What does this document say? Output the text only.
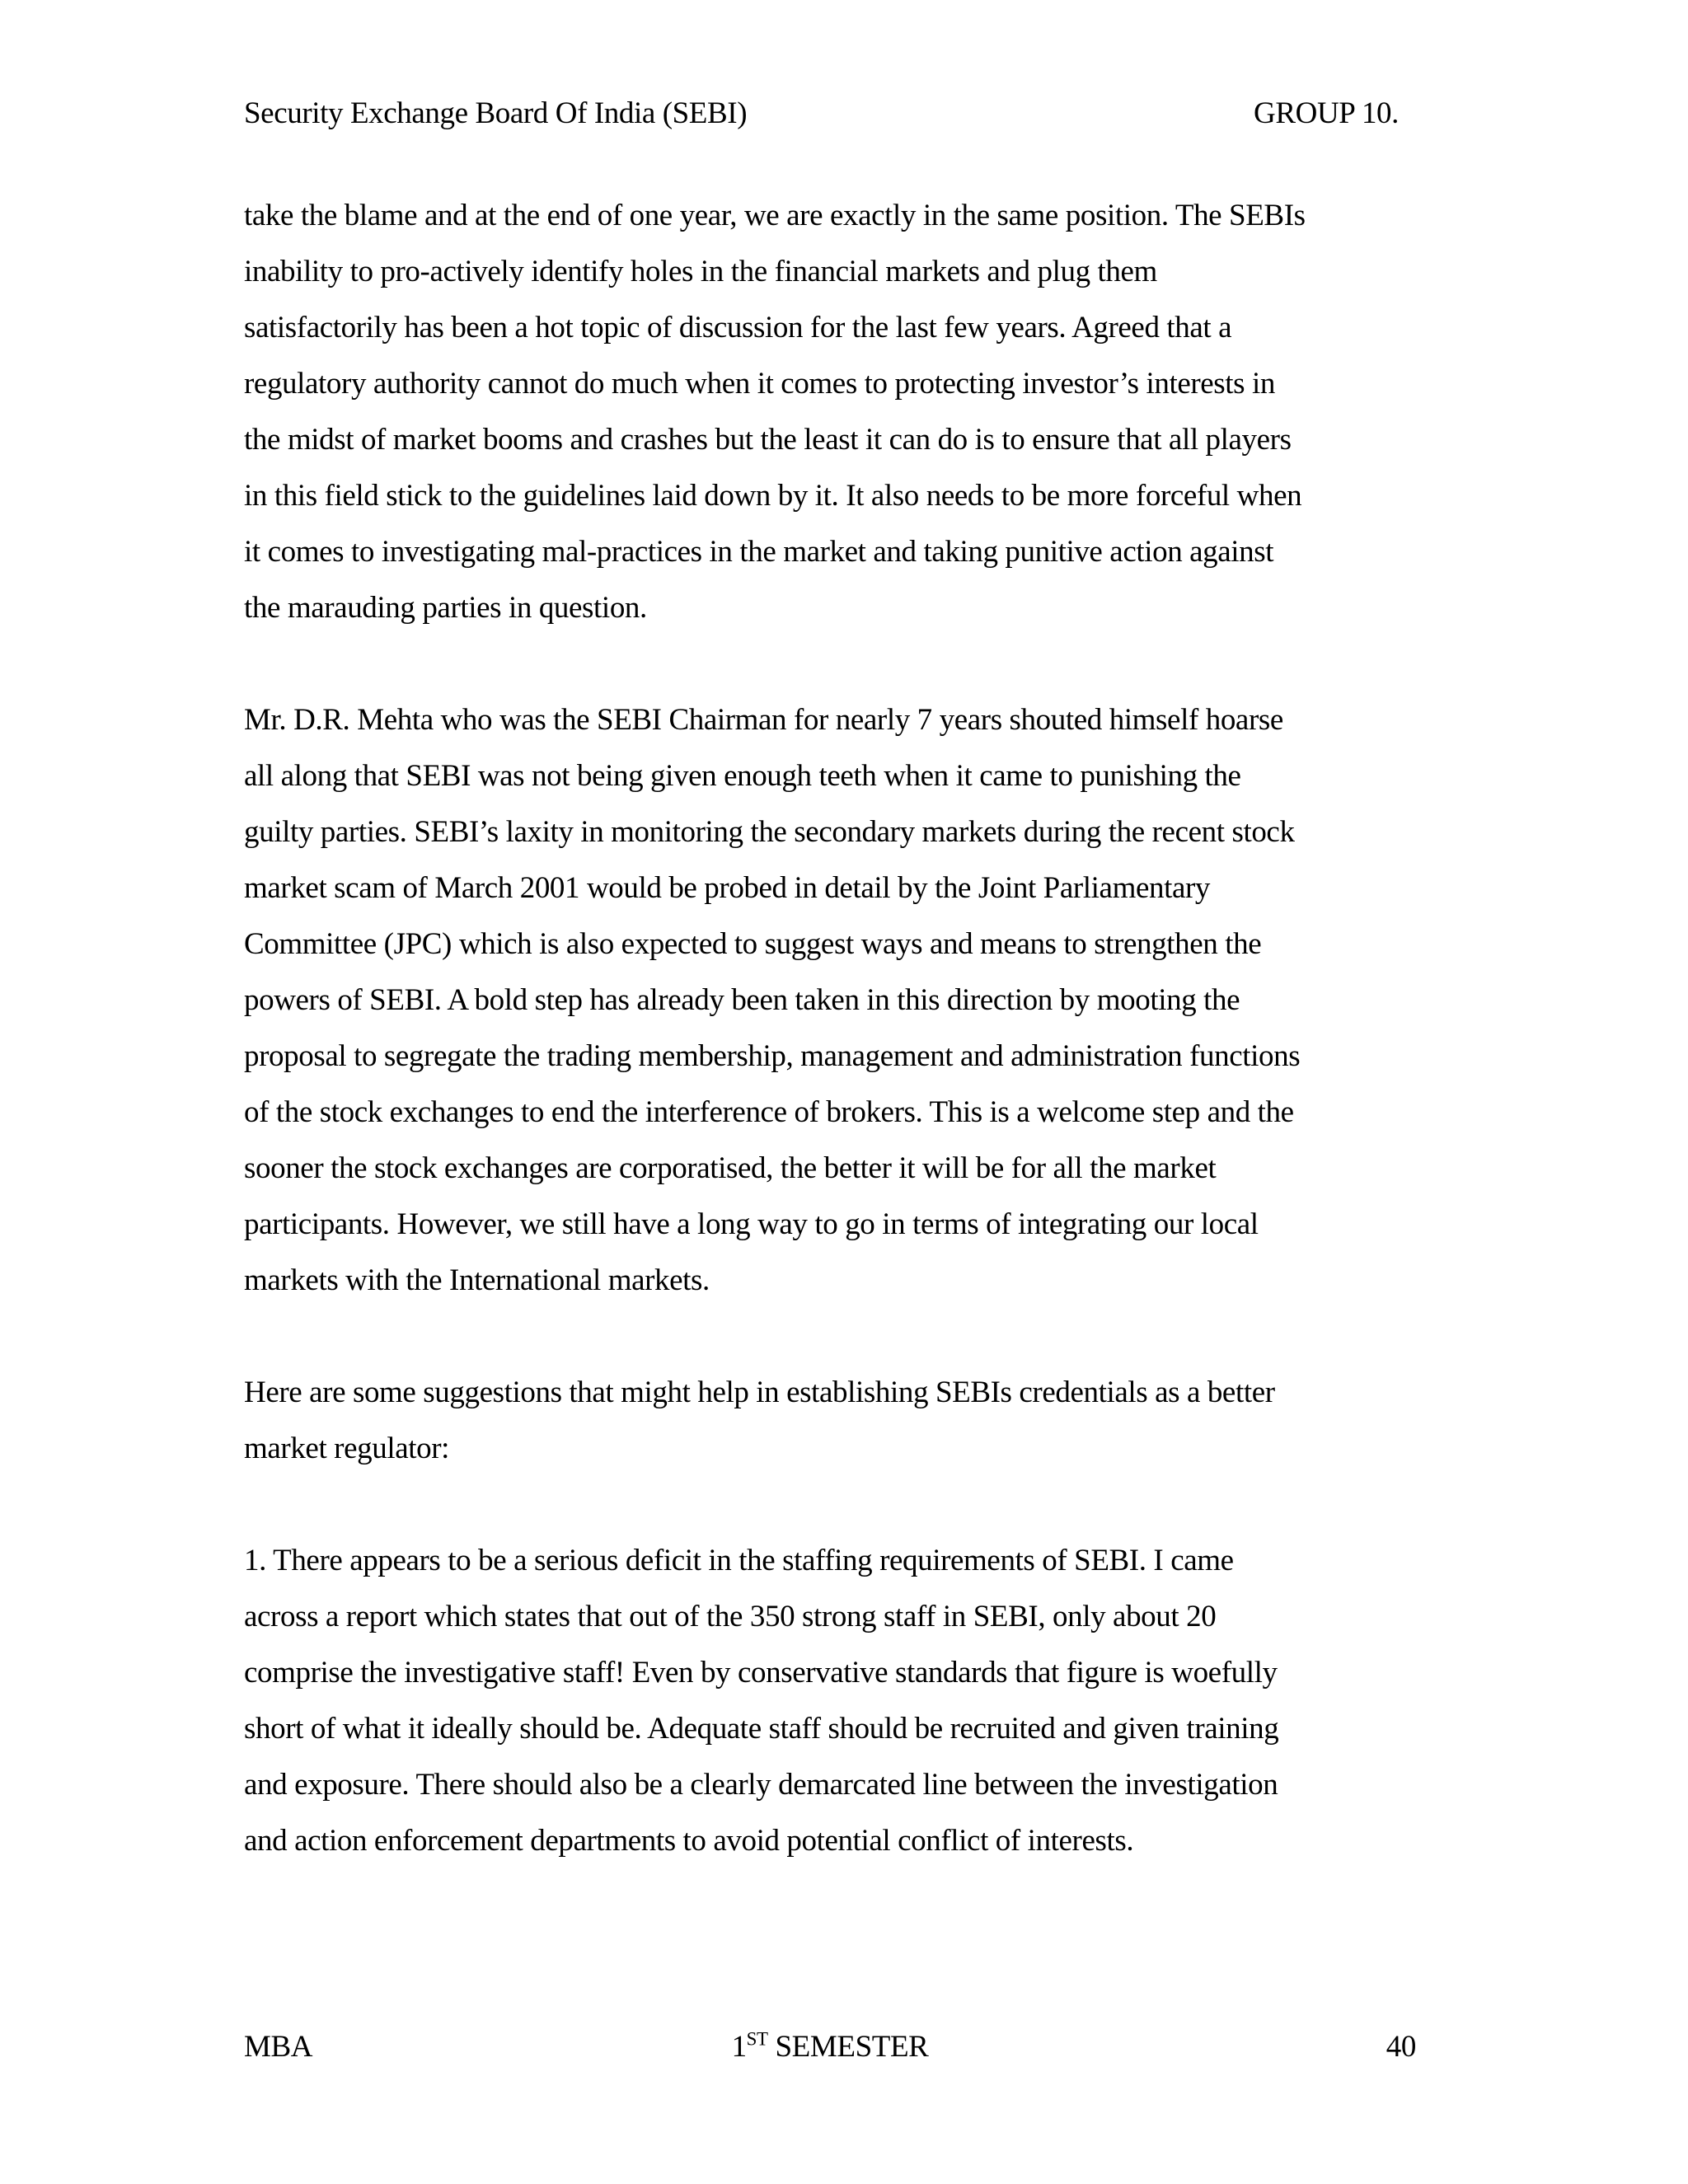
Security Exchange Board Of India (SEBI)	GROUP 10.
take the blame and at the end of one year, we are exactly in the same position. The SEBIs
inability to pro-actively identify holes in the financial markets and plug them
satisfactorily has been a hot topic of discussion for the last few years. Agreed that a
regulatory authority cannot do much when it comes to protecting investor’s interests in
the midst of market booms and crashes but the least it can do is to ensure that all players
in this field stick to the guidelines laid down by it. It also needs to be more forceful when
it comes to investigating mal-practices in the market and taking punitive action against
the marauding parties in question.
Mr. D.R. Mehta who was the SEBI Chairman for nearly 7 years shouted himself hoarse
all along that SEBI was not being given enough teeth when it came to punishing the
guilty parties. SEBI’s laxity in monitoring the secondary markets during the recent stock
market scam of March 2001 would be probed in detail by the Joint Parliamentary
Committee (JPC) which is also expected to suggest ways and means to strengthen the
powers of SEBI. A bold step has already been taken in this direction by mooting the
proposal to segregate the trading membership, management and administration functions
of the stock exchanges to end the interference of brokers. This is a welcome step and the
sooner the stock exchanges are corporatised, the better it will be for all the market
participants. However, we still have a long way to go in terms of integrating our local
markets with the International markets.
Here are some suggestions that might help in establishing SEBIs credentials as a better
market regulator:
1. There appears to be a serious deficit in the staffing requirements of SEBI. I came
across a report which states that out of the 350 strong staff in SEBI, only about 20
comprise the investigative staff! Even by conservative standards that figure is woefully
short of what it ideally should be. Adequate staff should be recruited and given training
and exposure. There should also be a clearly demarcated line between the investigation
and action enforcement departments to avoid potential conflict of interests.
MBA	1ST SEMESTER	40
